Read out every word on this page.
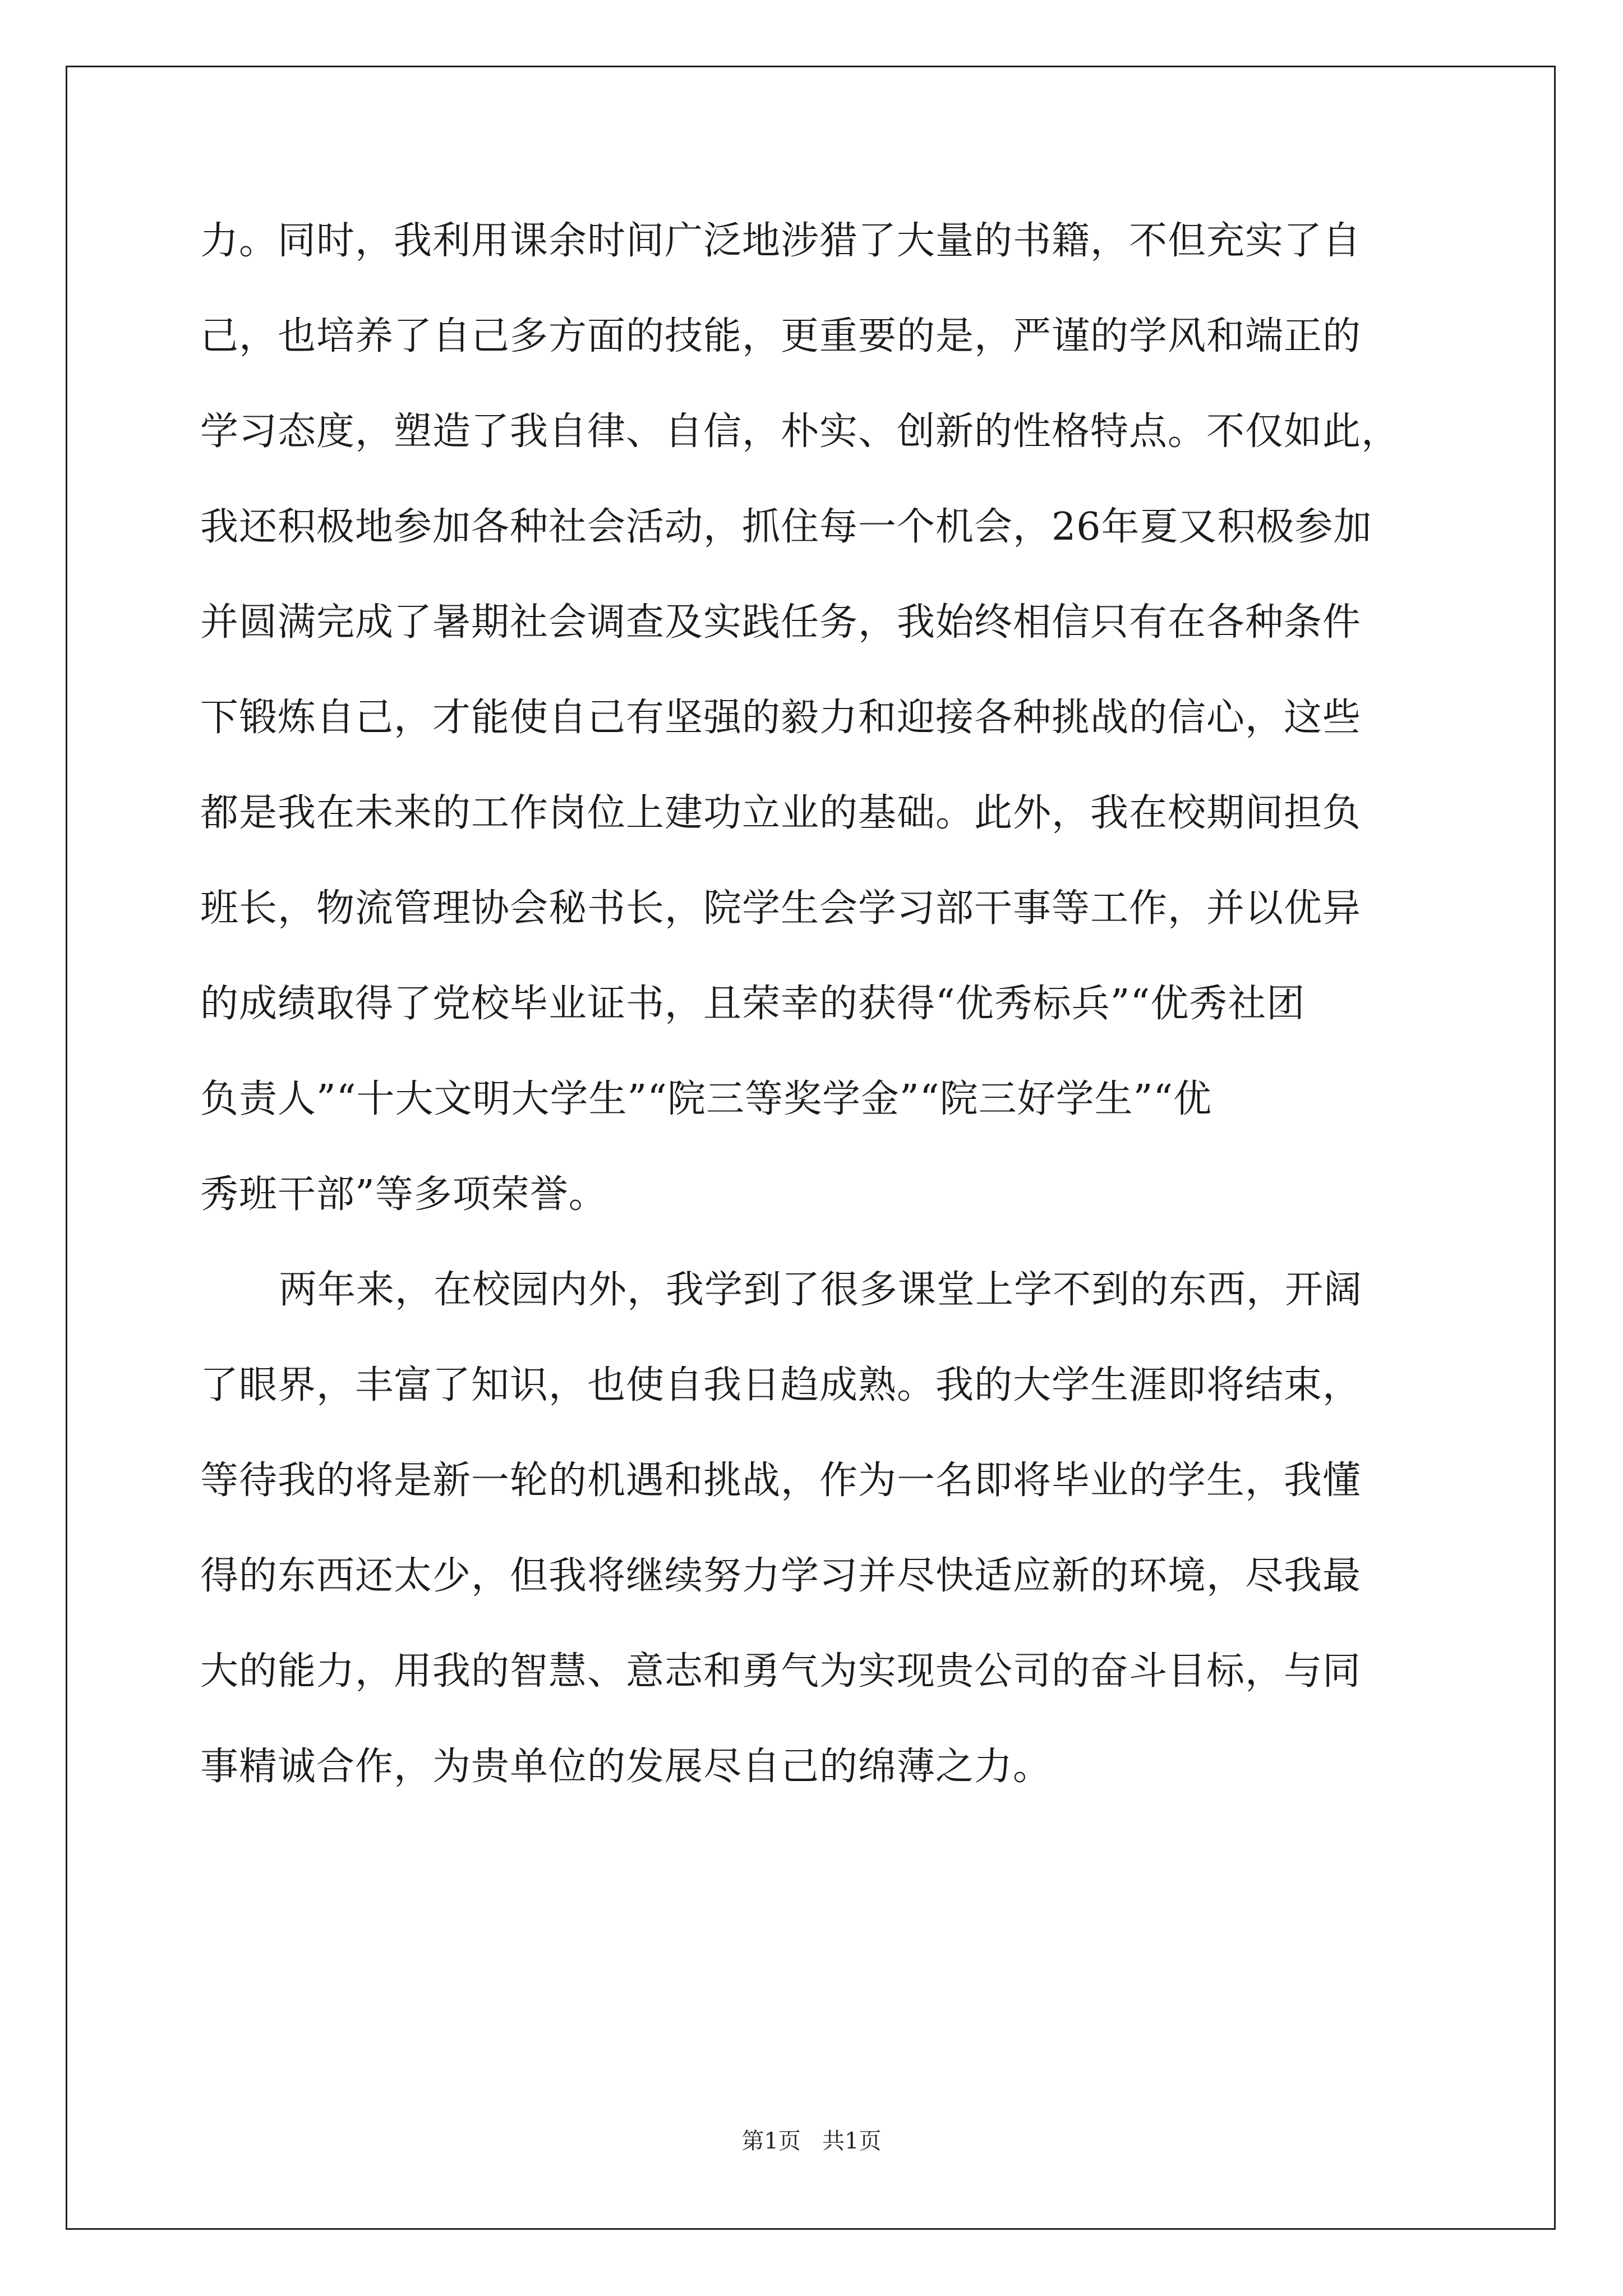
力。同时，我利用课余时间广泛地涉猎了大量的书籍，不但充实了自
己，也培养了自己多方面的技能，更重要的是，严谨的学风和端正的
学习态度，塑造了我自律、自信，朴实、创新的性格特点。不仅如此，
我还积极地参加各种社会活动，抓住每一个机会，26年夏又积极参加
并圆满完成了暑期社会调查及实践任务，我始终相信只有在各种条件
下锻炼自己，才能使自己有坚强的毅力和迎接各种挑战的信心，这些
都是我在未来的工作岗位上建功立业的基础。此外，我在校期间担负
班长，物流管理协会秘书长，院学生会学习部干事等工作，并以优异
的成绩取得了党校毕业证书，且荣幸的获得“优秀标兵”“优秀社团
负责人”“十大文明大学生”“院三等奖学金”“院三好学生”“优
秀班干部”等多项荣誉。
两年来，在校园内外，我学到了很多课堂上学不到的东西，开阔
了眼界，丰富了知识，也使自我日趋成熟。我的大学生涯即将结束，
等待我的将是新一轮的机遇和挑战，作为一名即将毕业的学生，我懂
得的东西还太少，但我将继续努力学习并尽快适应新的环境，尽我最
大的能力，用我的智慧、意志和勇气为实现贵公司的奋斗目标，与同
事精诚合作，为贵单位的发展尽自己的绵薄之力。
第1页   共1页
